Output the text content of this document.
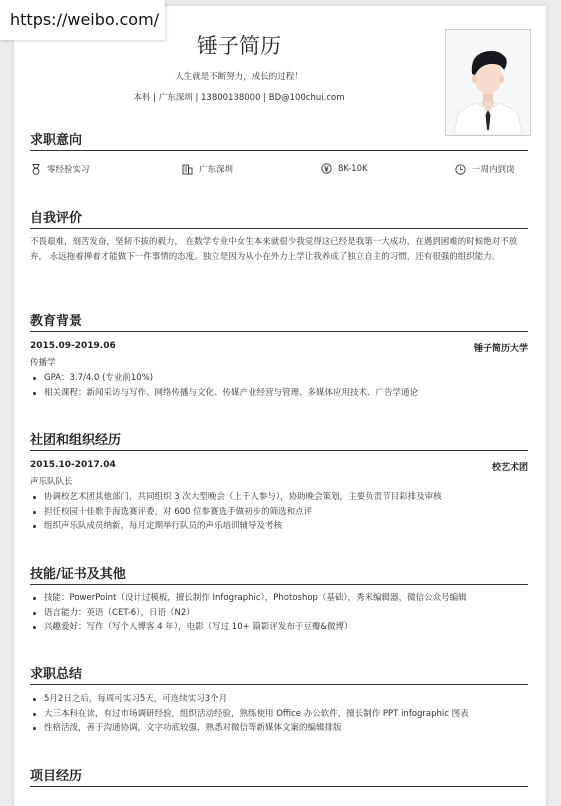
锤子简历
人生就是不断努力，成长的过程！
本科 | 广东深圳 | 13800138000 | BD@100chui.com
求职意向
零经验实习	广东深圳	8K-10K	一周内到岗
自我评价

不畏艰难，刻苦发奋，坚韧不拔的毅力， 在数学专业中女生本来就很少我觉得这已经是我第一大成功，在遇到困难的时候绝对不放弃， 永远拖着掸着才能做下一件事情的态度。独立是因为从小在外力上学让我养成了独立自主的习惯，还有很强的组织能力。

教育背景
2015.09-2019.06	锤子简历大学
传播学
GPA：3.7/4.0 (专业前10%)
相关课程：新闻采访与写作、网络传播与文化、传媒产业经营与管理、多媒体应用技术、广告学通论
社团和组织经历
2015.10-2017.04	校艺术团
声乐队队长
协调校艺术团其他部门，共同组织 3 次大型晚会（上千人参与），协助晚会策划，主要负责节目彩排及审核
担任校园十佳歌手海选赛评委，对 600 位参赛选手做初步的筛选和点评
组织声乐队成员纳新，每月定期举行队员的声乐培训辅导及考核
技能/证书及其他
技能：PowerPoint（设计过模板，擅长制作 Infographic），Photoshop（基础），秀米编辑器，微信公众号编辑
语言能力：英语（CET-6），日语（N2）
兴趣爱好：写作（写个人博客 4 年），电影（写过 10+ 篇影评发布于豆瓣&微博）
求职总结
5月2日之后，每周可实习5天，可连续实习3个月
大三本科在读，有过市场调研经验，组织活动经验，熟练使用 Office 办公软件，擅长制作 PPT infographic 图表
性格活泼，善于沟通协调，文字功底较强，熟悉对微信等新媒体文案的编辑排版
项目经历
https://weibo.com/
